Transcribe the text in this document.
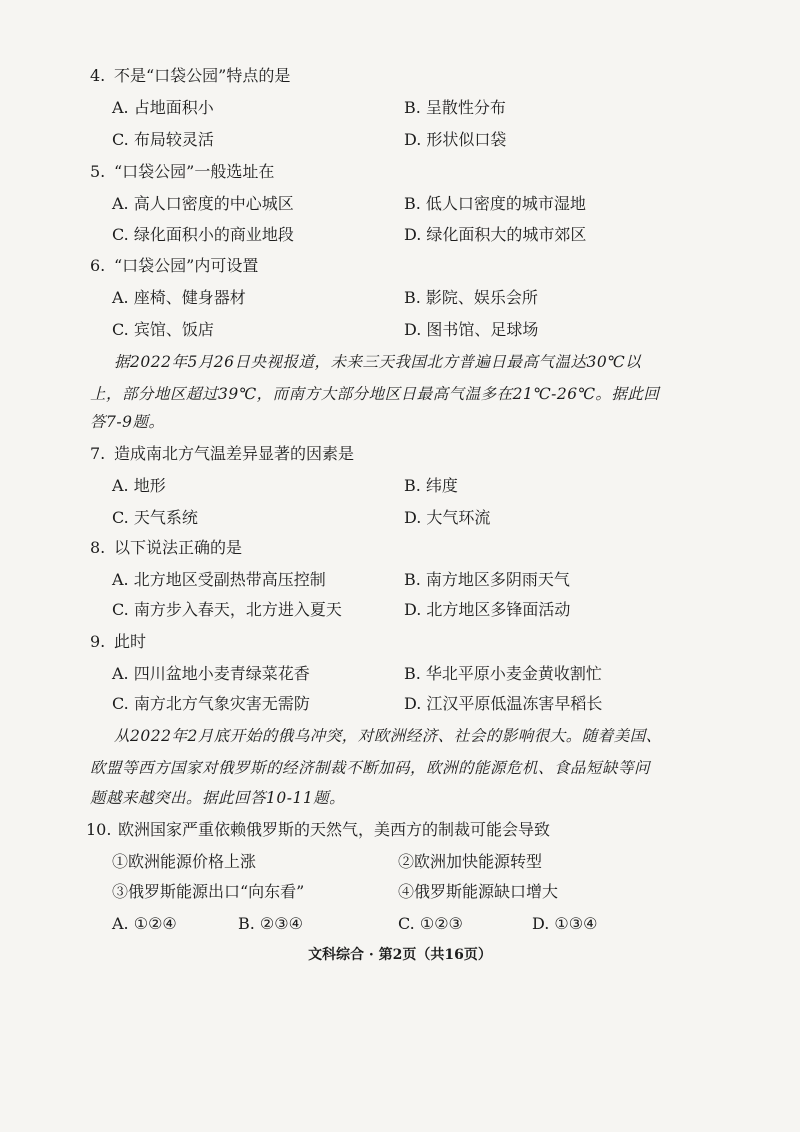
4. 不是“口袋公园”特点的是
A. 占地面积小	B. 呈散性分布
C. 布局较灵活	D. 形状似口袋
5. “口袋公园”一般选址在
A. 高人口密度的中心城区	B. 低人口密度的城市湿地
C. 绿化面积小的商业地段	D. 绿化面积大的城市郊区
6. “口袋公园”内可设置
A. 座椅、健身器材	B. 影院、娱乐会所
C. 宾馆、饭店	D. 图书馆、足球场
据2022年5月26日央视报道，未来三天我国北方普遍日最高气温达30℃以
上，部分地区超过39℃，而南方大部分地区日最高气温多在21℃-26℃。据此回
答7-9题。
7. 造成南北方气温差异显著的因素是
A. 地形	B. 纬度
C. 天气系统	D. 大气环流
8. 以下说法正确的是
A. 北方地区受副热带高压控制	B. 南方地区多阴雨天气
C. 南方步入春天，北方进入夏天	D. 北方地区多锋面活动
9. 此时
A. 四川盆地小麦青绿菜花香	B. 华北平原小麦金黄收割忙
C. 南方北方气象灾害无需防	D. 江汉平原低温冻害早稻长
从2022年2月底开始的俄乌冲突，对欧洲经济、社会的影响很大。随着美国、
欧盟等西方国家对俄罗斯的经济制裁不断加码，欧洲的能源危机、食品短缺等问
题越来越突出。据此回答10-11题。
10. 欧洲国家严重依赖俄罗斯的天然气，美西方的制裁可能会导致
①欧洲能源价格上涨	②欧洲加快能源转型
③俄罗斯能源出口“向东看”	④俄罗斯能源缺口增大
A. ①②④	B. ②③④	C. ①②③	D. ①③④
文科综合 · 第2页（共16页）
